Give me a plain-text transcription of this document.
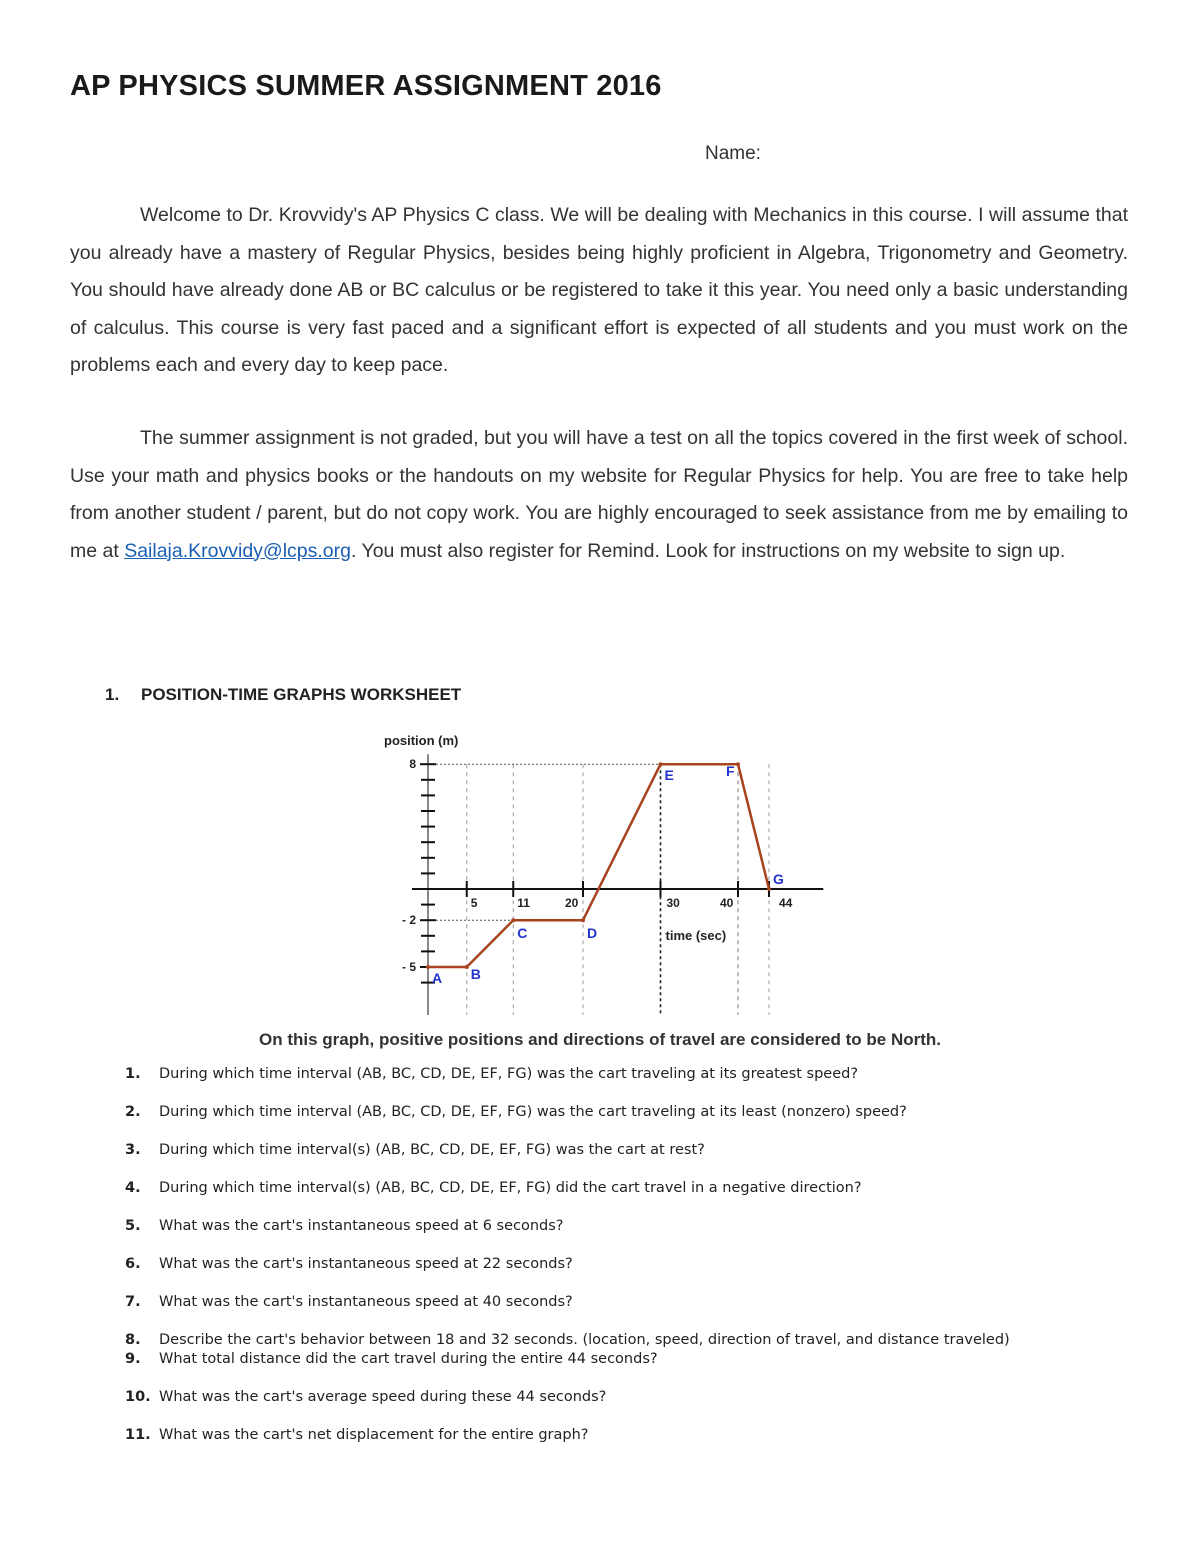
AP PHYSICS SUMMER ASSIGNMENT 2016
Name:

Welcome to Dr. Krovvidy's AP Physics C class. We will be dealing with Mechanics in this course. I will assume that you already have a mastery of Regular Physics, besides being highly proficient in Algebra, Trigonometry and Geometry. You should have already done AB or BC calculus or be registered to take it this year. You need only a basic understanding of calculus. This course is very fast paced and a significant effort is expected of all students and you must work on the problems each and every day to keep pace.

The summer assignment is not graded, but you will have a test on all the topics covered in the first week of school. Use your math and physics books or the handouts on my website for Regular Physics for help. You are free to take help from another student / parent, but do not copy work. You are highly encouraged to seek assistance from me by emailing to me at Sailaja.Krovvidy@lcps.org. You must also register for Remind. Look for instructions on my website to sign up.

1. POSITION-TIME GRAPHS WORKSHEET
5	11	20	30	40	44
8
- 2
- 5
position (m)
time (sec)
A B
C	D
E	F
G
On this graph, positive positions and directions of travel are considered to be North.
1. During which time interval (AB, BC, CD, DE, EF, FG) was the cart traveling at its greatest speed?
2. During which time interval (AB, BC, CD, DE, EF, FG) was the cart traveling at its least (nonzero) speed?
3. During which time interval(s) (AB, BC, CD, DE, EF, FG) was the cart at rest?
4. During which time interval(s) (AB, BC, CD, DE, EF, FG) did the cart travel in a negative direction?
5. What was the cart's instantaneous speed at 6 seconds?
6. What was the cart's instantaneous speed at 22 seconds?
7. What was the cart's instantaneous speed at 40 seconds?
8. Describe the cart's behavior between 18 and 32 seconds. (location, speed, direction of travel, and distance traveled)
9. What total distance did the cart travel during the entire 44 seconds?
10. What was the cart's average speed during these 44 seconds?
11. What was the cart's net displacement for the entire graph?
